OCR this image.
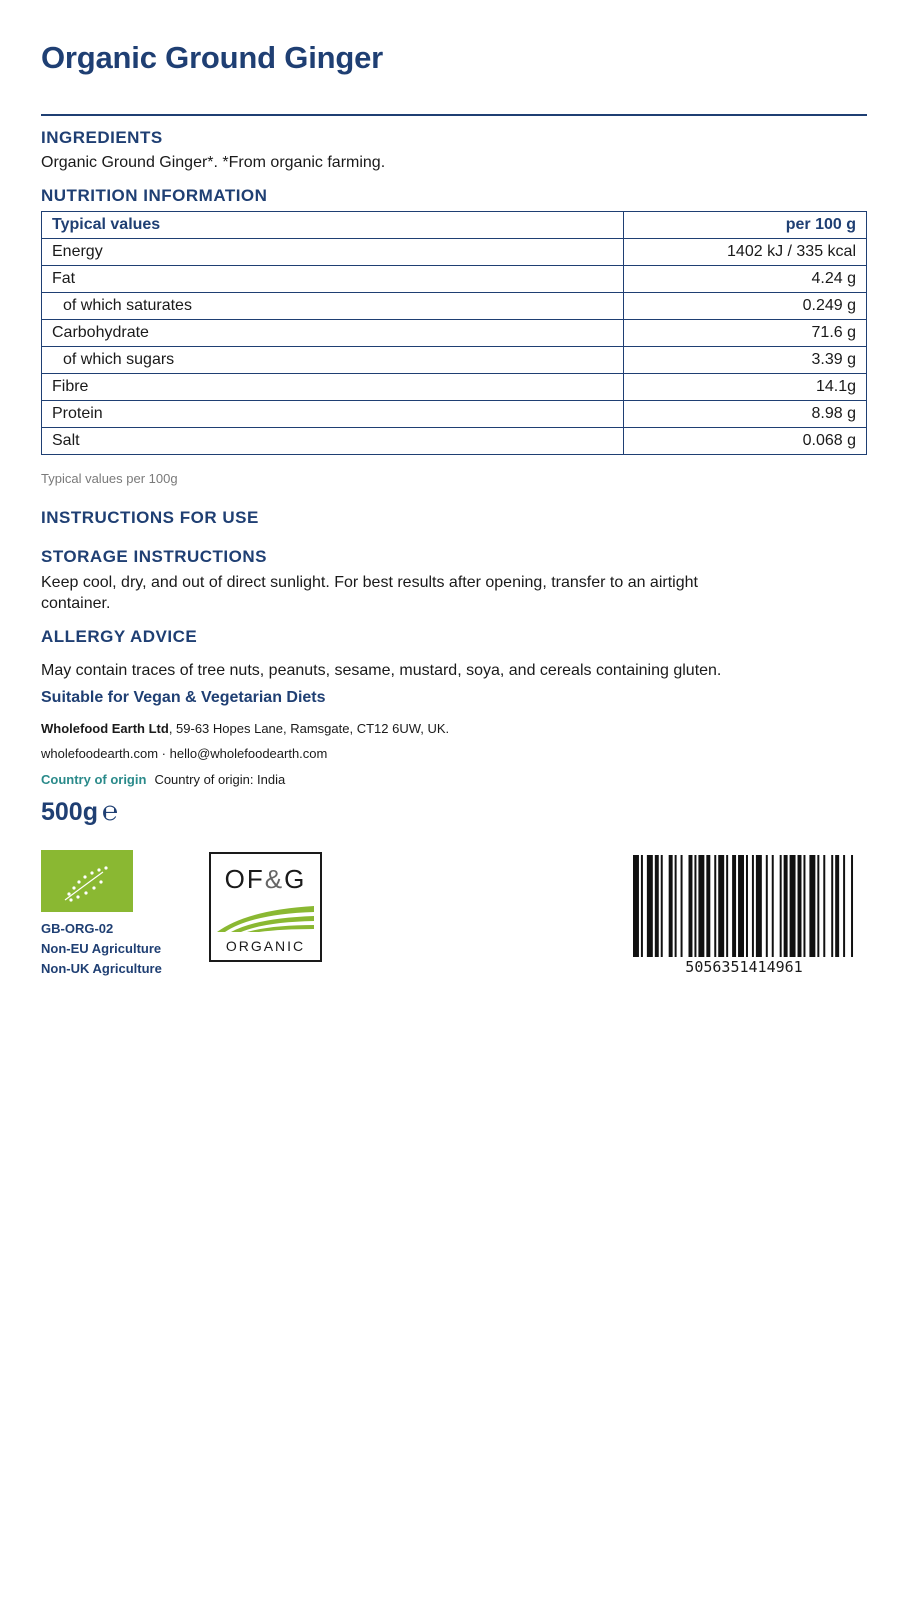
Organic Ground Ginger
INGREDIENTS

Organic Ground Ginger*. *From organic farming.

NUTRITION INFORMATION
Typical values	per 100 g
Energy	1402 kJ / 335 kcal
Fat	4.24 g
of which saturates	0.249 g
Carbohydrate	71.6 g
of which sugars	3.39 g
Fibre	14.1g
Protein	8.98 g
Salt	0.068 g

Typical values per 100g

INSTRUCTIONS FOR USE
STORAGE INSTRUCTIONS

Keep cool, dry, and out of direct sunlight. For best results after opening, transfer to an airtight

container.

ALLERGY ADVICE

May contain traces of tree nuts, peanuts, sesame, mustard, soya, and cereals containing gluten.

Suitable for Vegan & Vegetarian Diets

Wholefood Earth Ltd, 59-63 Hopes Lane, Ramsgate, CT12 6UW, UK.

wholefoodearth.com · hello@wholefoodearth.com

Country of origin Country of origin: India

500g ℮

GB-ORG-02
Non-EU Agriculture
Non-UK Agriculture

OF&G
ORGANIC

5056351414961
